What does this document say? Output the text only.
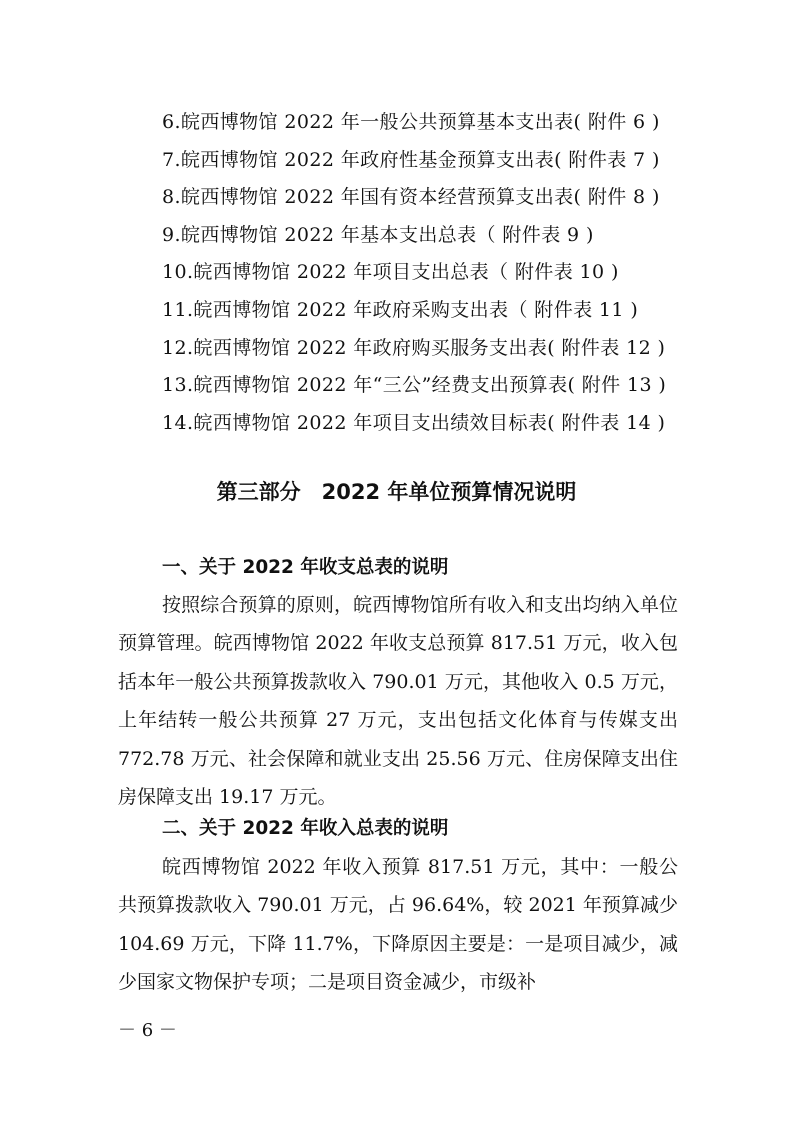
6.皖西博物馆 2022 年一般公共预算基本支出表( 附件 6 )
7.皖西博物馆 2022 年政府性基金预算支出表( 附件表 7 )
8.皖西博物馆 2022 年国有资本经营预算支出表( 附件 8 )
9.皖西博物馆 2022 年基本支出总表（ 附件表 9 )
10.皖西博物馆 2022 年项目支出总表（ 附件表 10 )
11.皖西博物馆 2022 年政府采购支出表（ 附件表 11 )
12.皖西博物馆 2022 年政府购买服务支出表( 附件表 12 )
13.皖西博物馆 2022 年“三公”经费支出预算表( 附件 13 )
14.皖西博物馆 2022 年项目支出绩效目标表( 附件表 14 )
第三部分　2022 年单位预算情况说明
一、关于 2022 年收支总表的说明

按照综合预算的原则，皖西博物馆所有收入和支出均纳入单位预算管理。皖西博物馆 2022 年收支总预算 817.51 万元，收入包括本年一般公共预算拨款收入 790.01 万元，其他收入 0.5 万元，上年结转一般公共预算 27 万元，支出包括文化体育与传媒支出 772.78 万元、社会保障和就业支出 25.56 万元、住房保障支出住房保障支出 19.17 万元。

二、关于 2022 年收入总表的说明

皖西博物馆 2022 年收入预算 817.51 万元，其中：一般公共预算拨款收入 790.01 万元，占 96.64%，较 2021 年预算减少 104.69 万元，下降 11.7%，下降原因主要是：一是项目减少，减少国家文物保护专项；二是项目资金减少，市级补

－ 6 －
